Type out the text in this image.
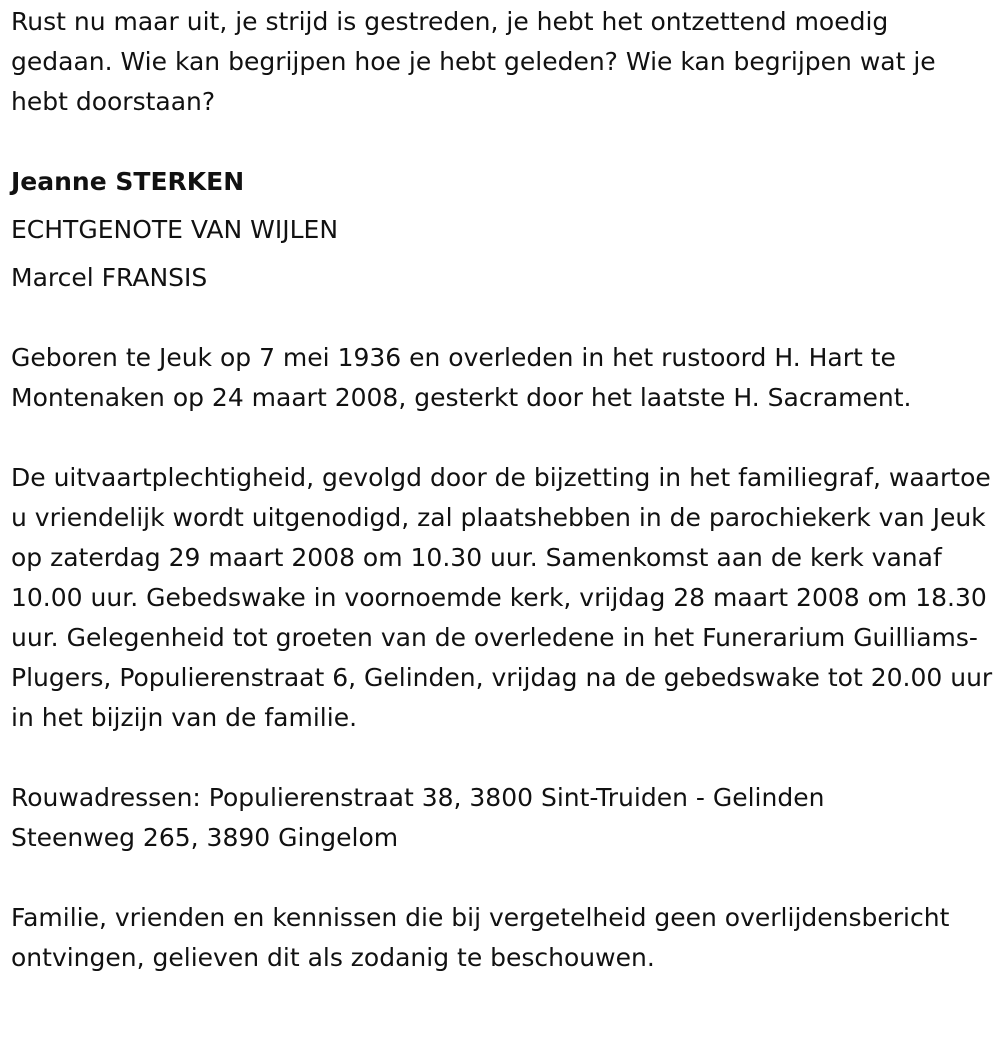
Rust nu maar uit, je strijd is gestreden, je hebt het ontzettend moedig gedaan. Wie kan begrijpen hoe je hebt geleden? Wie kan begrijpen wat je hebt doorstaan?

Jeanne STERKEN

ECHTGENOTE VAN WIJLEN

Marcel FRANSIS

Geboren te Jeuk op 7 mei 1936 en overleden in het rustoord H. Hart te Montenaken op 24 maart 2008, gesterkt door het laatste H. Sacrament.

De uitvaartplechtigheid, gevolgd door de bijzetting in het familiegraf, waartoe u vriendelijk wordt uitgenodigd, zal plaatshebben in de parochiekerk van Jeuk op zaterdag 29 maart 2008 om 10.30 uur. Samenkomst aan de kerk vanaf 10.00 uur. Gebedswake in voornoemde kerk, vrijdag 28 maart 2008 om 18.30 uur. Gelegenheid tot groeten van de overledene in het Funerarium Guilliams-Plugers, Populierenstraat 6, Gelinden, vrijdag na de gebedswake tot 20.00 uur in het bijzijn van de familie.

Rouwadressen: Populierenstraat 38, 3800 Sint-Truiden - Gelinden

Steenweg 265, 3890 Gingelom

Familie, vrienden en kennissen die bij vergetelheid geen overlijdensbericht ontvingen, gelieven dit als zodanig te beschouwen.
